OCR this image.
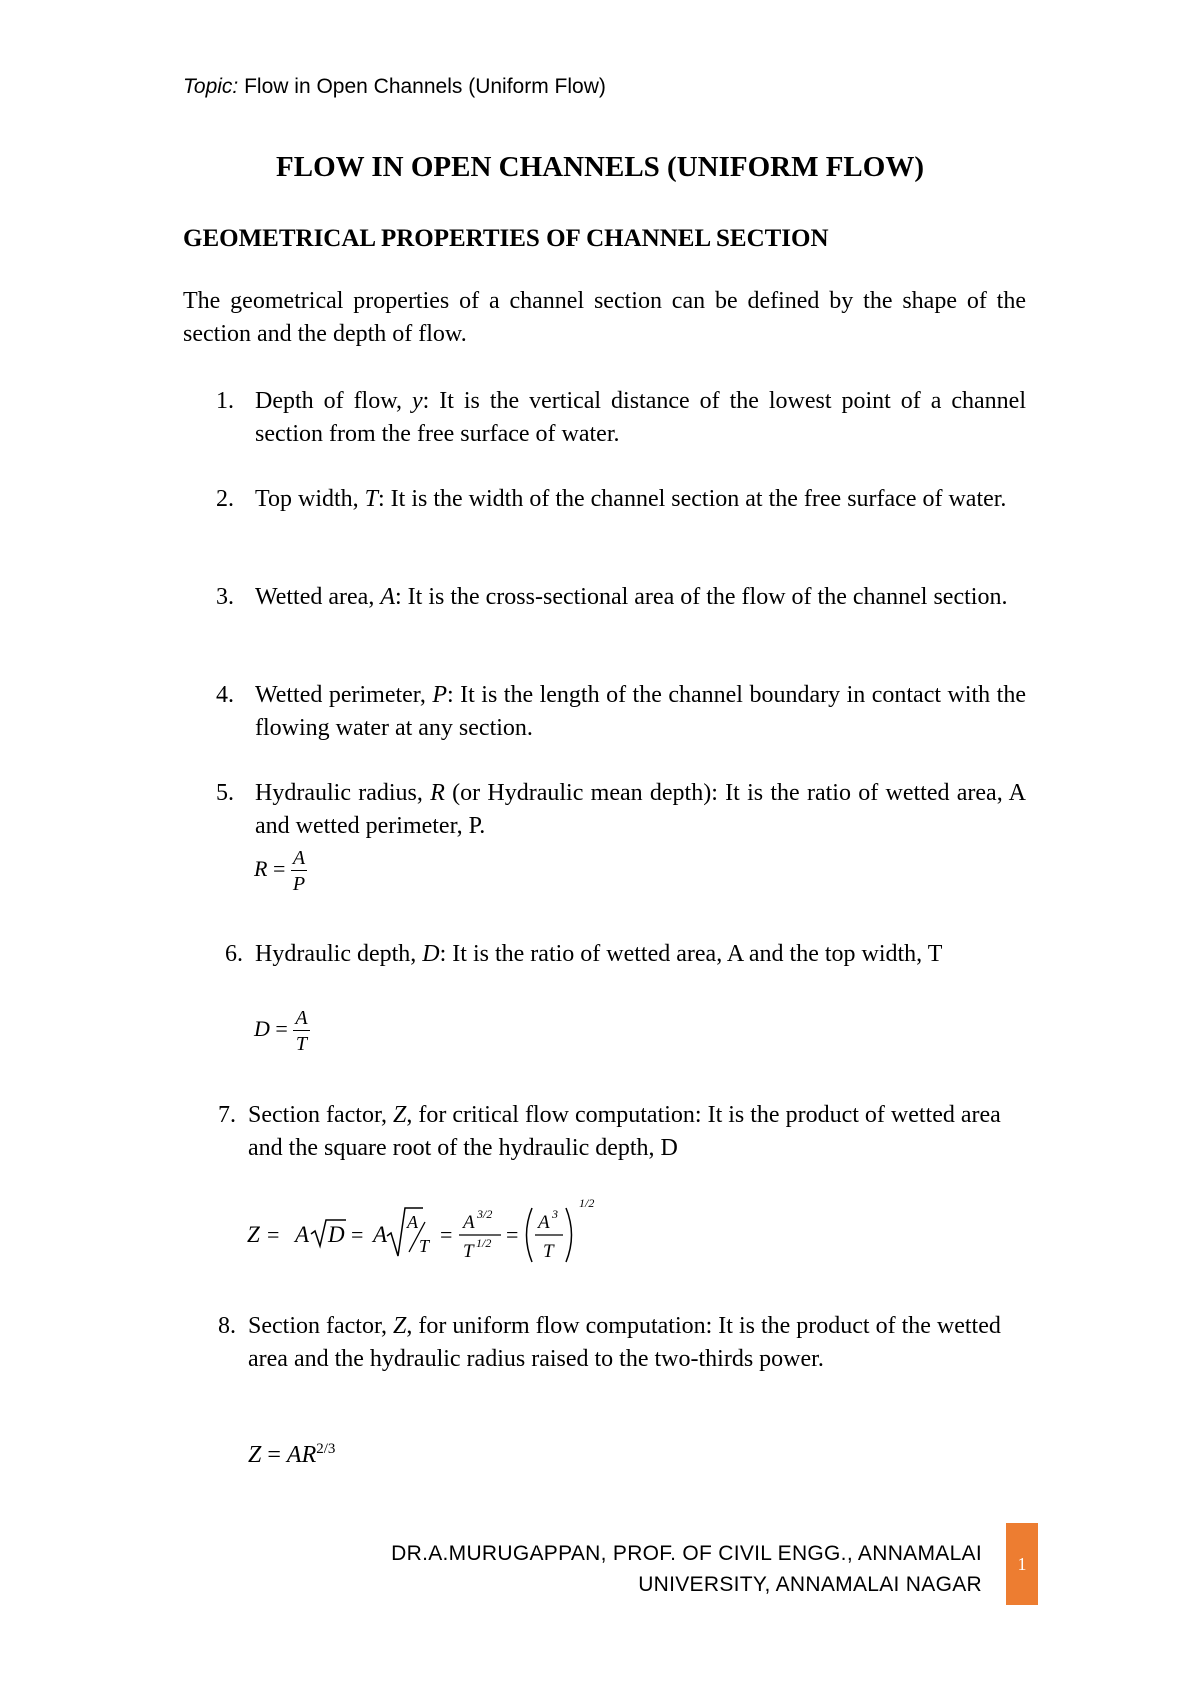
Topic: Flow in Open Channels (Uniform Flow)
FLOW IN OPEN CHANNELS (UNIFORM FLOW)
GEOMETRICAL PROPERTIES OF CHANNEL SECTION
The geometrical properties of a channel section can be defined by the shape of the section and the depth of flow.
1. Depth of flow, y: It is the vertical distance of the lowest point of a channel section from the free surface of water.
2. Top width, T: It is the width of the channel section at the free surface of water.
3. Wetted area, A: It is the cross-sectional area of the flow of the channel section.
4. Wetted perimeter, P: It is the length of the channel boundary in contact with the flowing water at any section.
5. Hydraulic radius, R (or Hydraulic mean depth): It is the ratio of wetted area, A and wetted perimeter, P.
$R = \frac{A}{P}$
6. Hydraulic depth, D: It is the ratio of wetted area, A and the top width, T
$D = \frac{A}{T}$
7. Section factor, Z, for critical flow computation: It is the product of wetted area and the square root of the hydraulic depth, D
Z = A D = A A
T = A 3/2
T 1/2 = A 3
T
1/2
8. Section factor, Z, for uniform flow computation: It is the product of the wetted area and the hydraulic radius raised to the two-thirds power.
$Z = AR^{2/3}$
DR.A.MURUGAPPAN, PROF. OF CIVIL ENGG., ANNAMALAI
UNIVERSITY, ANNAMALAI NAGAR
1
